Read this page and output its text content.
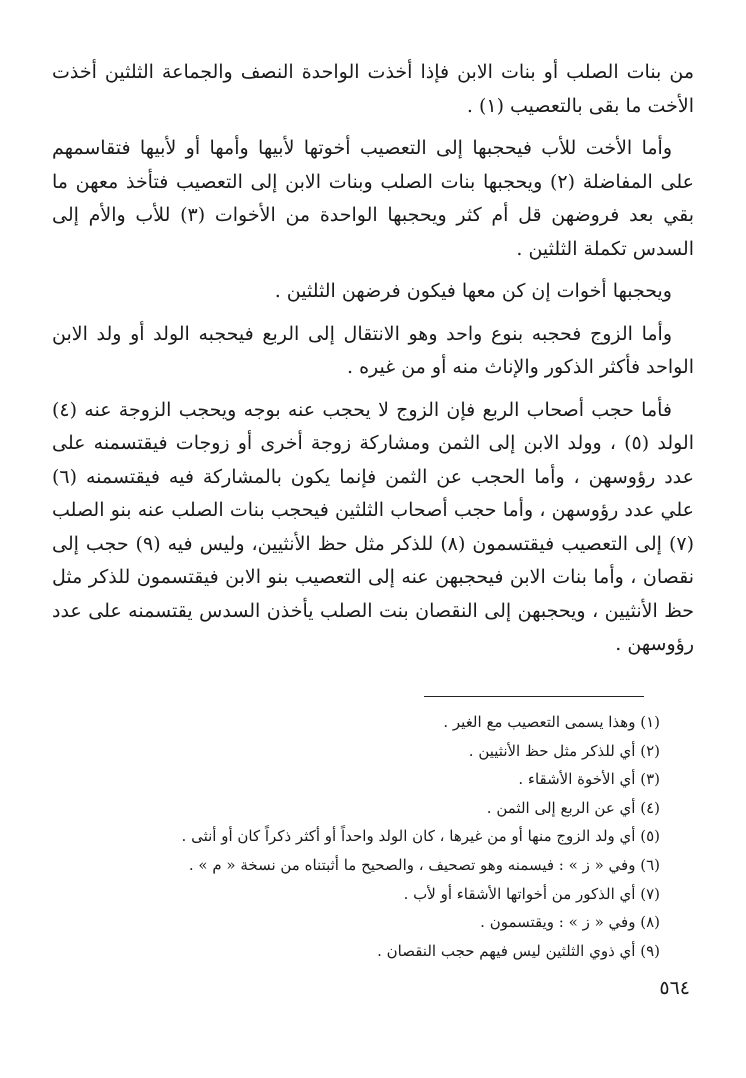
من بنات الصلب أو بنات الابن فإذا أخذت الواحدة النصف والجماعة الثلثين أخذت الأخت ما بقى بالتعصيب (١) .

وأما الأخت للأب فيحجبها إلى التعصيب أخوتها لأبيها وأمها أو لأبيها فتقاسمهم على المفاضلة (٢) ويحجبها بنات الصلب وبنات الابن إلى التعصيب فتأخذ معهن ما بقي بعد فروضهن قل أم كثر ويحجبها الواحدة من الأخوات (٣) للأب والأم إلى السدس تكملة الثلثين .

ويحجبها أخوات إن كن معها فيكون فرضهن الثلثين .

وأما الزوج فحجبه بنوع واحد وهو الانتقال إلى الربع فيحجبه الولد أو ولد الابن الواحد فأكثر الذكور والإناث منه أو من غيره .

فأما حجب أصحاب الربع فإن الزوج لا يحجب عنه بوجه ويحجب الزوجة عنه (٤) الولد (٥) ، وولد الابن إلى الثمن ومشاركة زوجة أخرى أو زوجات فيقتسمنه على عدد رؤوسهن ، وأما الحجب عن الثمن فإنما يكون بالمشاركة فيه فيقتسمنه (٦) علي عدد رؤوسهن ، وأما حجب أصحاب الثلثين فيحجب بنات الصلب عنه بنو الصلب (٧) إلى التعصيب فيقتسمون (٨) للذكر مثل حظ الأنثيين، وليس فيه (٩) حجب إلى نقصان ، وأما بنات الابن فيحجبهن عنه إلى التعصيب بنو الابن فيقتسمون للذكر مثل حظ الأنثيين ، ويحجبهن إلى النقصان بنت الصلب يأخذن السدس يقتسمنه على عدد رؤوسهن .

(١) وهذا يسمى التعصيب مع الغير .
(٢) أي للذكر مثل حظ الأنثيين .
(٣) أي الأخوة الأشقاء .
(٤) أي عن الربع إلى الثمن .
(٥) أي ولد الزوج منها أو من غيرها ، كان الولد واحداً أو أكثر ذكراً كان أو أنثى .
(٦) وفي « ز » : فيسمنه وهو تصحيف ، والصحيح ما أثبتناه من نسخة « م » .
(٧) أي الذكور من أخواتها الأشقاء أو لأب .
(٨) وفي « ز » : ويقتسمون .
(٩) أي ذوي الثلثين ليس فيهم حجب النقصان .
٥٦٤
